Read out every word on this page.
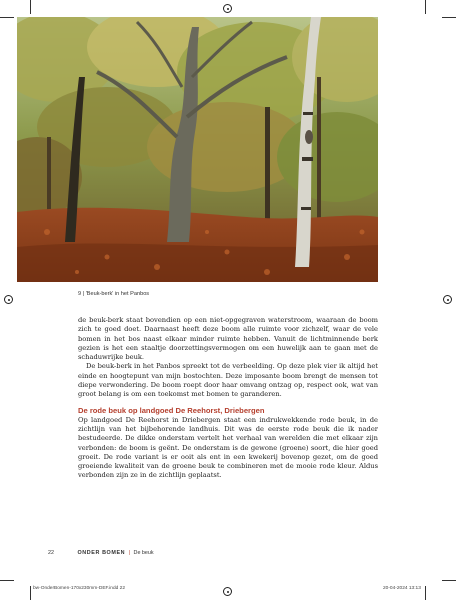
9 | 'Beuk-berk' in het Panbos

de beuk-berk staat bovendien op een niet-opgegraven waterstroom, waaraan de boom zich te goed doet. Daarnaast heeft deze boom alle ruimte voor zichzelf, waar de vele bomen in het bos naast elkaar minder ruimte hebben. Vanuit de lichtminnende berk gezien is het een staaltje doorzettingsvermogen om een huwelijk aan te gaan met de schaduwrijke beuk.

De beuk-berk in het Panbos spreekt tot de verbeelding. Op deze plek vier ik altijd het einde en hoogtepunt van mijn bostochten. Deze imposante boom brengt de mensen tot diepe verwondering. De boom roept door haar omvang ontzag op, respect ook, wat van groot belang is om een toekomst met bomen te garanderen.

De rode beuk op landgoed De Reehorst, Driebergen

Op landgoed De Reehorst in Driebergen staat een indrukwekkende rode beuk, in de zichtlijn van het bijbehorende landhuis. Dit was de eerste rode beuk die ik nader bestudeerde. De dikke onderstam vertelt het verhaal van werelden die met elkaar zijn verbonden: de boom is geënt. De onderstam is de gewone (groene) soort, die hier goed groeit. De rode variant is er ooit als ent in een kwekerij bovenop gezet, om de goed groeiende kwaliteit van de groene beuk te combineren met de mooie rode kleur. Aldus verbonden zijn ze in de zichtlijn geplaatst.

22	ONDER BOMEN | De beuk
bw-OnderBomen-170x230mm-DEF.indd 22	20-04-2024 13:13
